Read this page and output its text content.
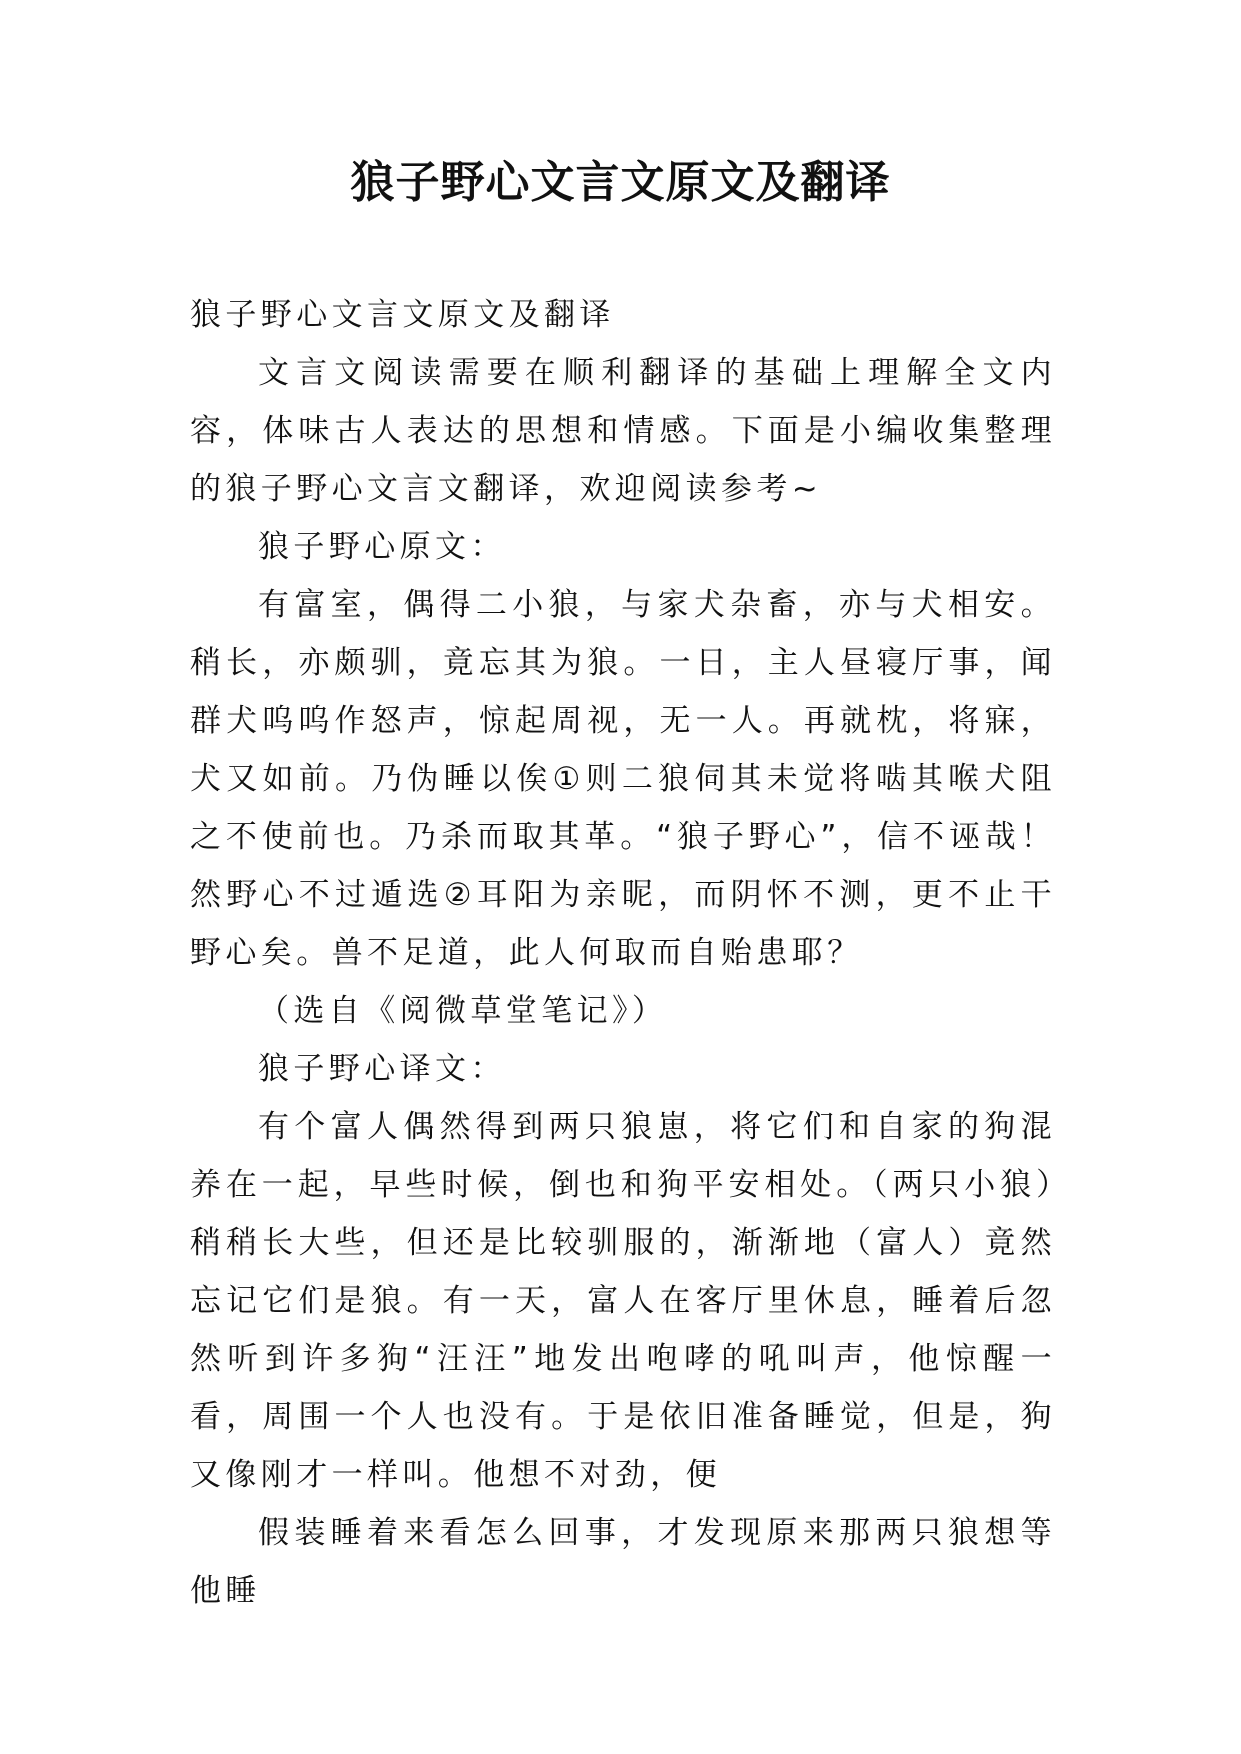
狼子野心文言文原文及翻译

狼子野心文言文原文及翻译

文言文阅读需要在顺利翻译的基础上理解全文内容，体味古人表达的思想和情感。下面是小编收集整理的狼子野心文言文翻译，欢迎阅读参考~

狼子野心原文：

有富室，偶得二小狼，与家犬杂畜，亦与犬相安。稍长，亦颇驯，竟忘其为狼。一日，主人昼寝厅事，闻群犬呜呜作怒声，惊起周视，无一人。再就枕，将寐，犬又如前。乃伪睡以俟①则二狼伺其未觉将啮其喉犬阻之不使前也。乃杀而取其革。“狼子野心”，信不诬哉！然野心不过遁选②耳阳为亲昵，而阴怀不测，更不止干野心矣。兽不足道，此人何取而自贻患耶？

（选自《阅微草堂笔记》）

狼子野心译文：

有个富人偶然得到两只狼崽，将它们和自家的狗混养在一起，早些时候，倒也和狗平安相处。（两只小狼）稍稍长大些，但还是比较驯服的，渐渐地（富人）竟然忘记它们是狼。有一天，富人在客厅里休息，睡着后忽然听到许多狗“汪汪”地发出咆哮的吼叫声，他惊醒一看，周围一个人也没有。于是依旧准备睡觉，但是，狗又像刚才一样叫。他想不对劲，便

假装睡着来看怎么回事，才发现原来那两只狼想等他睡
